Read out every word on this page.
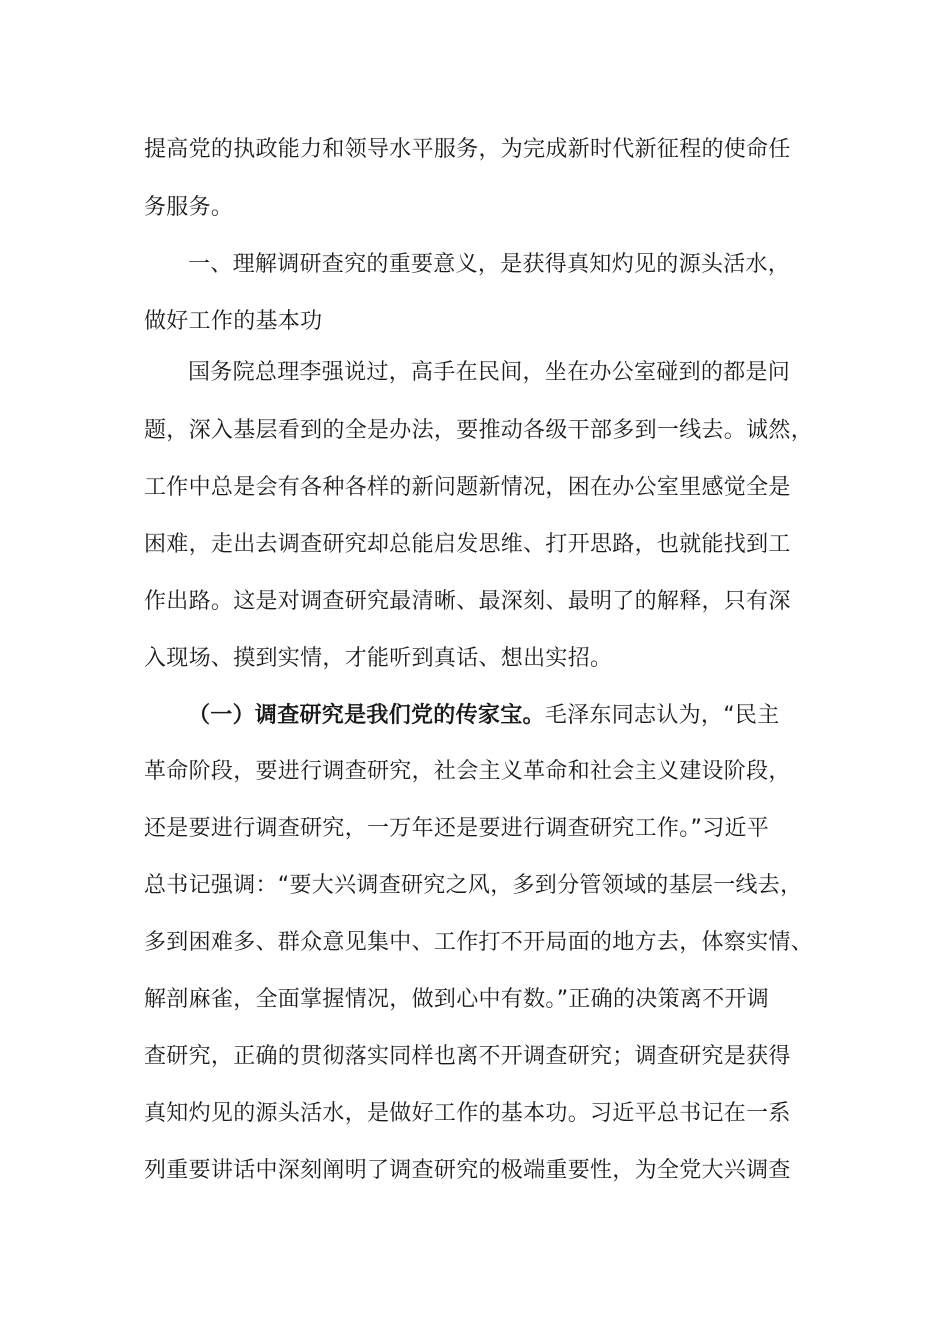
提高党的执政能力和领导水平服务，为完成新时代新征程的使命任
务服务。
一、理解调研查究的重要意义，是获得真知灼见的源头活水，
做好工作的基本功
国务院总理李强说过，高手在民间，坐在办公室碰到的都是问
题，深入基层看到的全是办法，要推动各级干部多到一线去。诚然，
工作中总是会有各种各样的新问题新情况，困在办公室里感觉全是
困难，走出去调查研究却总能启发思维、打开思路，也就能找到工
作出路。这是对调查研究最清晰、最深刻、最明了的解释，只有深
入现场、摸到实情，才能听到真话、想出实招。
（一）调查研究是我们党的传家宝。毛泽东同志认为，“民主
革命阶段，要进行调查研究，社会主义革命和社会主义建设阶段，
还是要进行调查研究，一万年还是要进行调查研究工作。”习近平
总书记强调：“要大兴调查研究之风，多到分管领域的基层一线去，
多到困难多、群众意见集中、工作打不开局面的地方去，体察实情、
解剖麻雀，全面掌握情况，做到心中有数。”正确的决策离不开调
查研究，正确的贯彻落实同样也离不开调查研究；调查研究是获得
真知灼见的源头活水，是做好工作的基本功。习近平总书记在一系
列重要讲话中深刻阐明了调查研究的极端重要性，为全党大兴调查
